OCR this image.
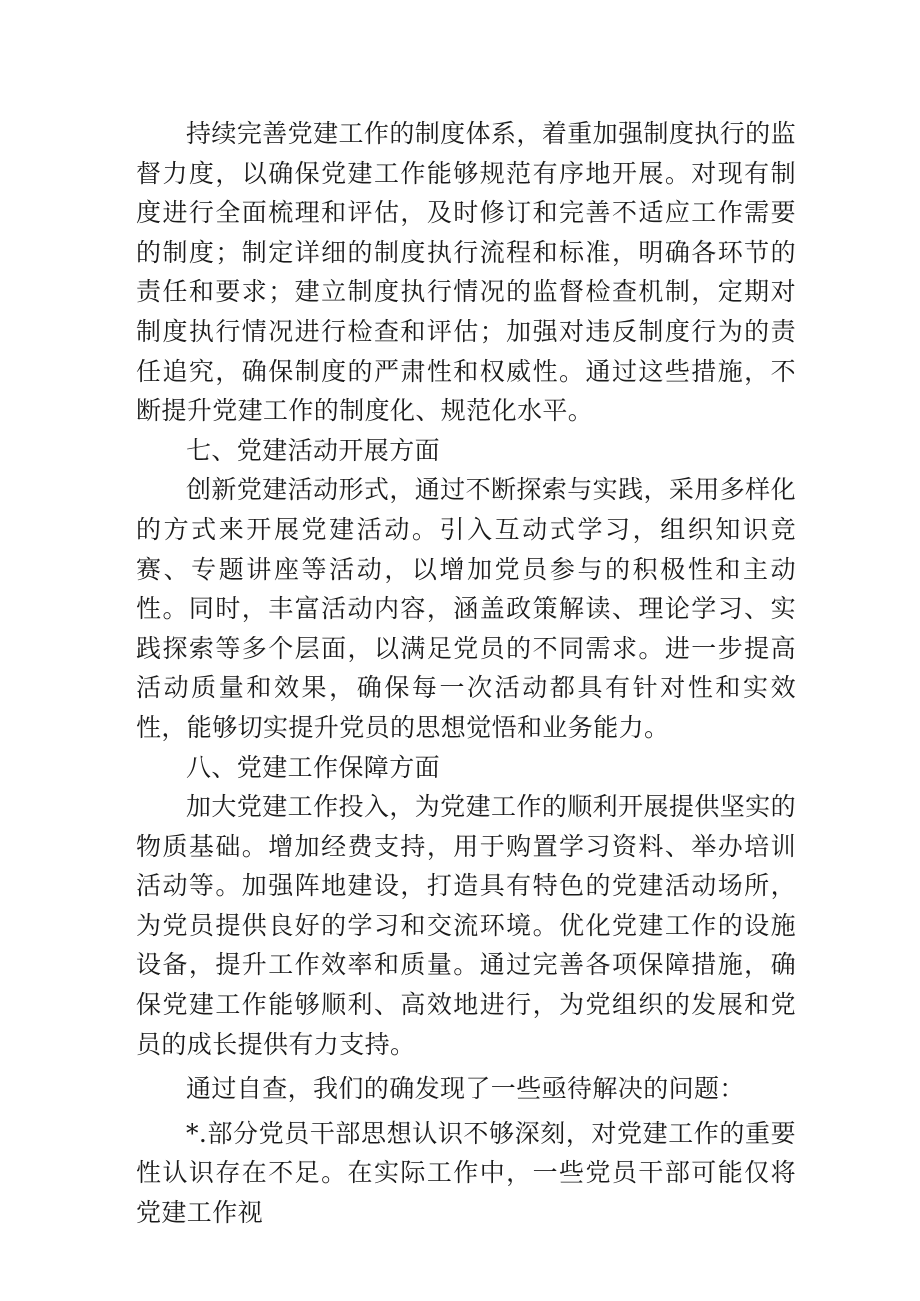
持续完善党建工作的制度体系，着重加强制度执行的监督力度，以确保党建工作能够规范有序地开展。对现有制度进行全面梳理和评估，及时修订和完善不适应工作需要的制度；制定详细的制度执行流程和标准，明确各环节的责任和要求；建立制度执行情况的监督检查机制，定期对制度执行情况进行检查和评估；加强对违反制度行为的责任追究，确保制度的严肃性和权威性。通过这些措施，不断提升党建工作的制度化、规范化水平。

七、党建活动开展方面

创新党建活动形式，通过不断探索与实践，采用多样化的方式来开展党建活动。引入互动式学习，组织知识竞赛、专题讲座等活动，以增加党员参与的积极性和主动性。同时，丰富活动内容，涵盖政策解读、理论学习、实践探索等多个层面，以满足党员的不同需求。进一步提高活动质量和效果，确保每一次活动都具有针对性和实效性，能够切实提升党员的思想觉悟和业务能力。

八、党建工作保障方面

加大党建工作投入，为党建工作的顺利开展提供坚实的物质基础。增加经费支持，用于购置学习资料、举办培训活动等。加强阵地建设，打造具有特色的党建活动场所，为党员提供良好的学习和交流环境。优化党建工作的设施设备，提升工作效率和质量。通过完善各项保障措施，确保党建工作能够顺利、高效地进行，为党组织的发展和党员的成长提供有力支持。

通过自查，我们的确发现了一些亟待解决的问题：

*.部分党员干部思想认识不够深刻，对党建工作的重要性认识存在不足。在实际工作中，一些党员干部可能仅将党建工作视
